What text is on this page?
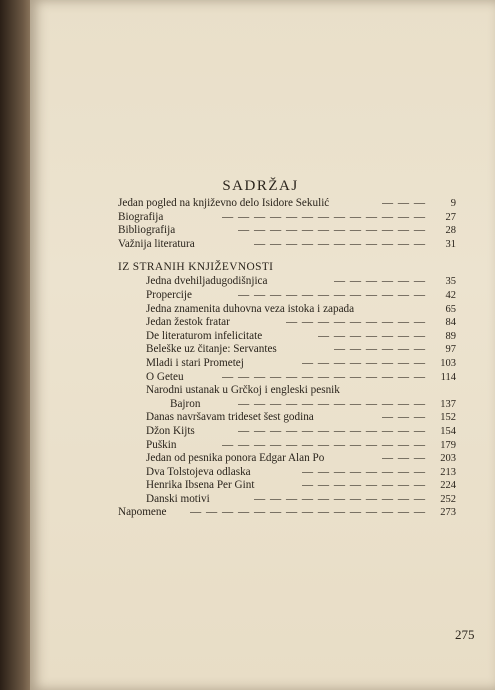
SADRŽAJ
Jedan pogled na književno delo Isidore Sekulić	— — —	9
Biografija	— — — — — — — — — — — — —	27
Bibliografija	— — — — — — — — — — — —	28
Važnija literatura	— — — — — — — — — — —	31
IZ STRANIH KNJIŽEVNOSTI
Jedna dvehiljadugodišnjica	— — — — — —	35
Propercije	— — — — — — — — — — — —	42
Jedna znamenita duhovna veza istoka i zapada	65
Jedan žestok fratar	— — — — — — — — —	84
De literaturom infelicitate	— — — — — — —	89
Beleške uz čitanje: Servantes	— — — — — —	97
Mladi i stari Prometej	— — — — — — — —	103
O Geteu	— — — — — — — — — — — — —	114
Narodni ustanak u Grčkoj i engleski pesnik
Bajron	— — — — — — — — — — — —	137
Danas navršavam trideset šest godina	— — —	152
Džon Kijts	— — — — — — — — — — — —	154
Puškin	— — — — — — — — — — — — —	179
Jedan od pesnika ponora Edgar Alan Po	— — —	203
Dva Tolstojeva odlaska	— — — — — — — —	213
Henrika Ibsena Per Gint	— — — — — — — —	224
Danski motivi	— — — — — — — — — — —	252
Napomene — — — — — — — — — — — — — — —	273
275
